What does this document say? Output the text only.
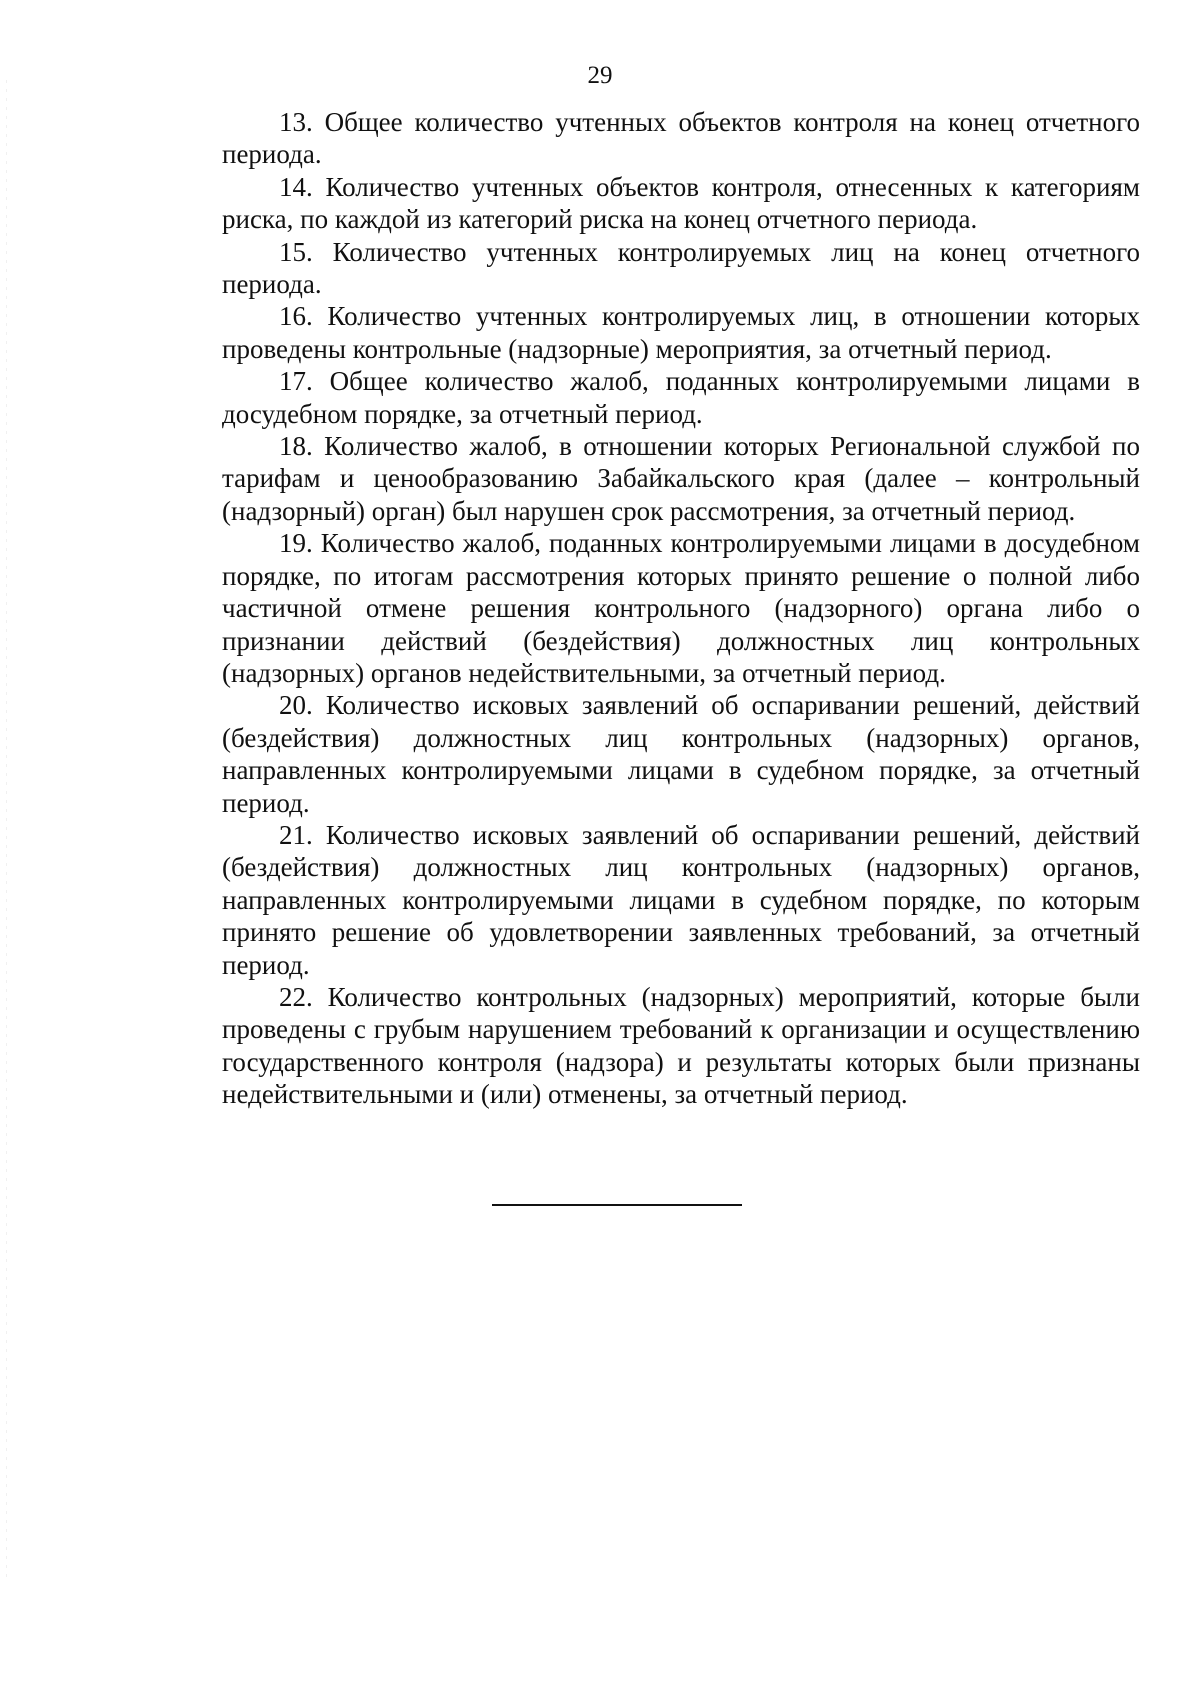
29

13. Общее количество учтенных объектов контроля на конец отчетного периода.

14. Количество учтенных объектов контроля, отнесенных к категориям риска, по каждой из категорий риска на конец отчетного периода.

15. Количество учтенных контролируемых лиц на конец отчетного периода.

16. Количество учтенных контролируемых лиц, в отношении которых проведены контрольные (надзорные) мероприятия, за отчетный период.

17. Общее количество жалоб, поданных контролируемыми лицами в досудебном порядке, за отчетный период.

18. Количество жалоб, в отношении которых Региональной службой по тарифам и ценообразованию Забайкальского края (далее – контрольный (надзорный) орган) был нарушен срок рассмотрения, за отчетный период.

19. Количество жалоб, поданных контролируемыми лицами в досудебном порядке, по итогам рассмотрения которых принято решение о полной либо частичной отмене решения контрольного (надзорного) органа либо о признании действий (бездействия) должностных лиц контрольных (надзорных) органов недействительными, за отчетный период.

20. Количество исковых заявлений об оспаривании решений, действий (бездействия) должностных лиц контрольных (надзорных) органов, направленных контролируемыми лицами в судебном порядке, за отчетный период.

21. Количество исковых заявлений об оспаривании решений, действий (бездействия) должностных лиц контрольных (надзорных) органов, направленных контролируемыми лицами в судебном порядке, по которым принято решение об удовлетворении заявленных требований, за отчетный период.

22. Количество контрольных (надзорных) мероприятий, которые были проведены с грубым нарушением требований к организации и осуществлению государственного контроля (надзора) и результаты которых были признаны недействительными и (или) отменены, за отчетный период.
